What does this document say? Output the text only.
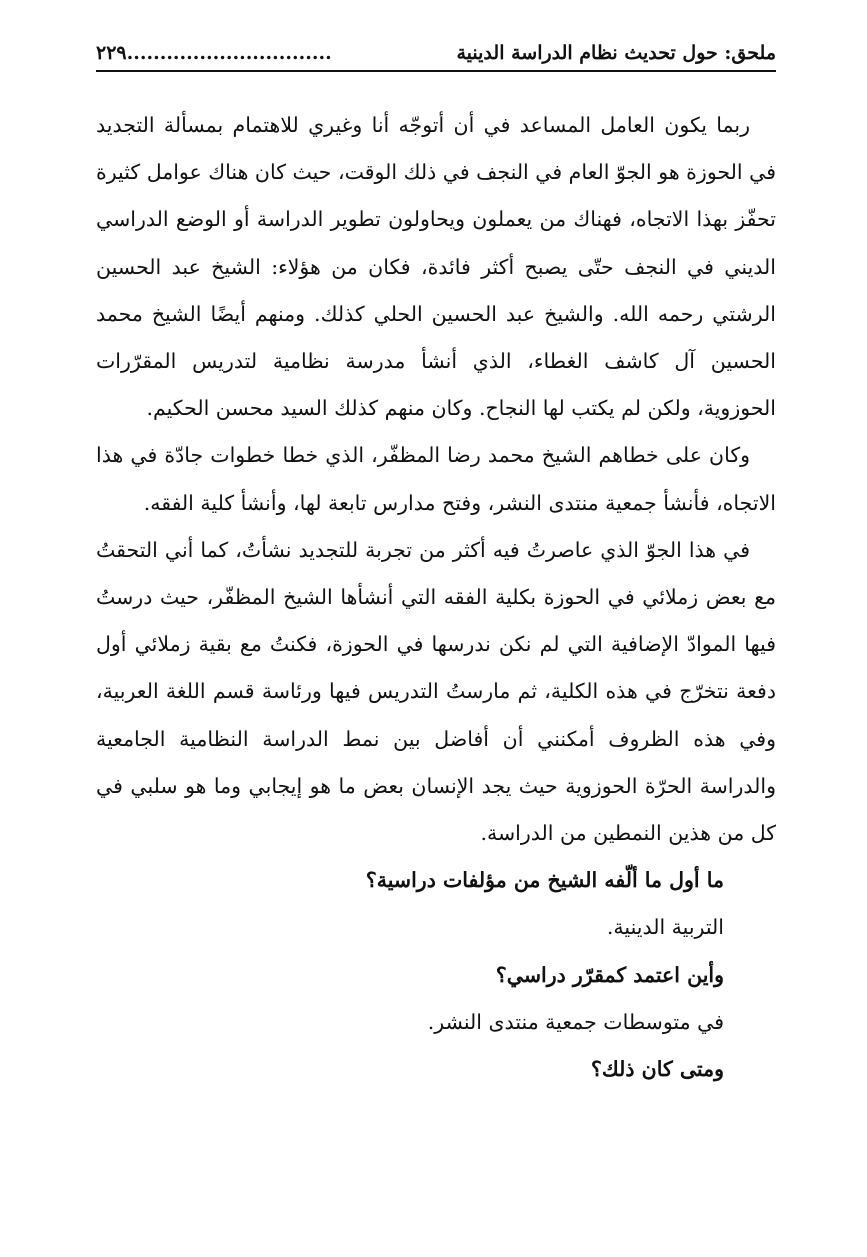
ملحق: حول تحديث نظام الدراسة الدينية
...............................٢٢٩

ربما يكون العامل المساعد في أن أتوجّه أنا وغيري للاهتمام بمسألة التجديد في الحوزة هو الجوّ العام في النجف في ذلك الوقت، حيث كان هناك عوامل كثيرة تحفّز بهذا الاتجاه، فهناك من يعملون ويحاولون تطوير الدراسة أو الوضع الدراسي الديني في النجف حتّى يصبح أكثر فائدة، فكان من هؤلاء: الشيخ عبد الحسين الرشتي رحمه الله. والشيخ عبد الحسين الحلي كذلك. ومنهم أيضًا الشيخ محمد الحسين آل كاشف الغطاء، الذي أنشأ مدرسة نظامية لتدريس المقرّرات الحوزوية، ولكن لم يكتب لها النجاح. وكان منهم كذلك السيد محسن الحكيم.

وكان على خطاهم الشيخ محمد رضا المظفّر، الذي خطا خطوات جادّة في هذا الاتجاه، فأنشأ جمعية منتدى النشر، وفتح مدارس تابعة لها، وأنشأ كلية الفقه.

في هذا الجوّ الذي عاصرتُ فيه أكثر من تجربة للتجديد نشأتُ، كما أني التحقتُ مع بعض زملائي في الحوزة بكلية الفقه التي أنشأها الشيخ المظفّر، حيث درستُ فيها الموادّ الإضافية التي لم نكن ندرسها في الحوزة، فكنتُ مع بقية زملائي أول دفعة نتخرّج في هذه الكلية، ثم مارستُ التدريس فيها ورئاسة قسم اللغة العربية، وفي هذه الظروف أمكنني أن أفاضل بين نمط الدراسة النظامية الجامعية والدراسة الحرّة الحوزوية حيث يجد الإنسان بعض ما هو إيجابي وما هو سلبي في كل من هذين النمطين من الدراسة.

ما أول ما ألّفه الشيخ من مؤلفات دراسية؟

التربية الدينية.

وأين اعتمد كمقرّر دراسي؟

في متوسطات جمعية منتدى النشر.

ومتى كان ذلك؟
